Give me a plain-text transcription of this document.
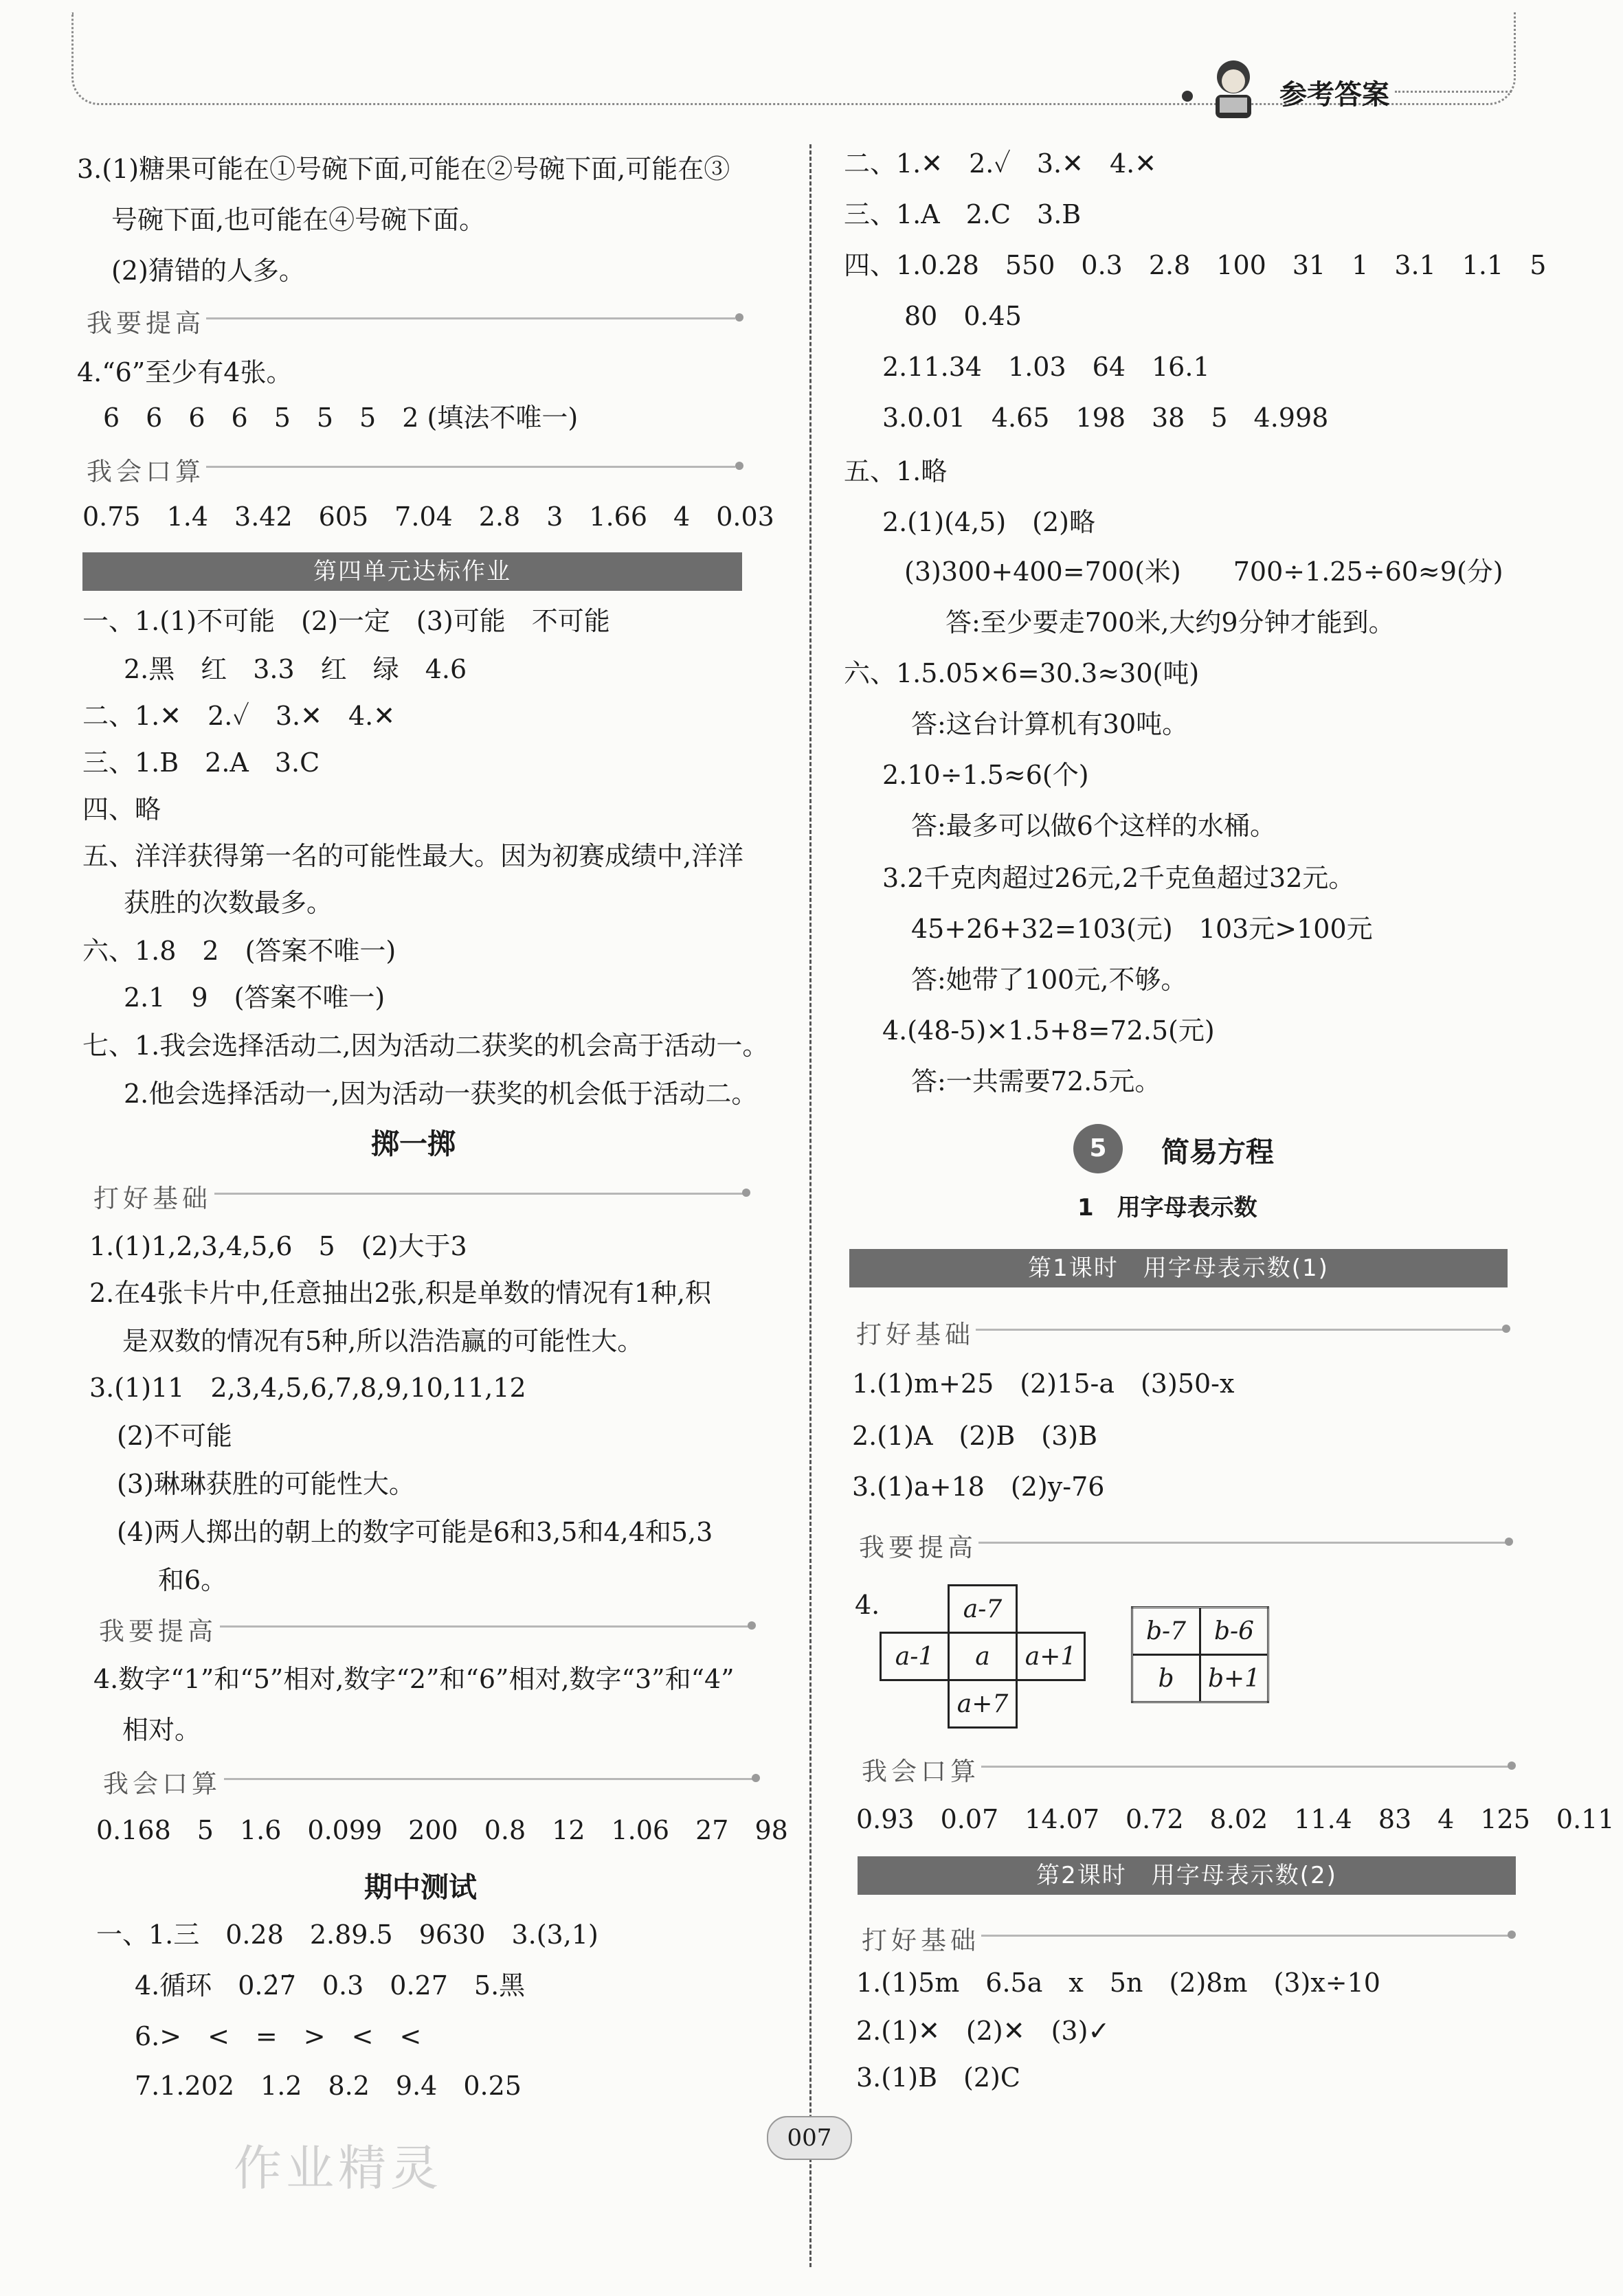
参考答案
3.(1)糖果可能在①号碗下面,可能在②号碗下面,可能在③
号碗下面,也可能在④号碗下面。
(2)猜错的人多。
我要提高
4.“6”至少有4张。
6　6　6　6　5　5　5　2 (填法不唯一)
我会口算
0.75　1.4　3.42　605　7.04　2.8　3　1.66　4　0.03
第四单元达标作业
一、1.(1)不可能　(2)一定　(3)可能　不可能
2.黑　红　3.3　红　绿　4.6
二、1.✕　2.✓　3.✕　4.✕
三、1.B　2.A　3.C
四、略
五、洋洋获得第一名的可能性最大。因为初赛成绩中,洋洋
获胜的次数最多。
六、1.8　2　(答案不唯一)
2.1　9　(答案不唯一)
七、1.我会选择活动二,因为活动二获奖的机会高于活动一。
2.他会选择活动一,因为活动一获奖的机会低于活动二。
掷一掷
打好基础
1.(1)1,2,3,4,5,6　5　(2)大于3
2.在4张卡片中,任意抽出2张,积是单数的情况有1种,积
是双数的情况有5种,所以浩浩赢的可能性大。
3.(1)11　2,3,4,5,6,7,8,9,10,11,12
(2)不可能
(3)琳琳获胜的可能性大。
(4)两人掷出的朝上的数字可能是6和3,5和4,4和5,3
和6。
我要提高
4.数字“1”和“5”相对,数字“2”和“6”相对,数字“3”和“4”
相对。
我会口算
0.168　5　1.6　0.099　200　0.8　12　1.06　27　98
期中测试
一、1.三　0.28　2.89.5　9630　3.(3,1)
4.循环　0.2̇7̇　0.3　0.27　5.黑
6.>　<　=　>　<　<
7.1.202　1.2　8.2　9.4　0.25
作业精灵
二、1.✕　2.✓　3.✕　4.✕
三、1.A　2.C　3.B
四、1.0.28　550　0.3　2.8　100　31　1　3.1　1.1　5
80　0.45
2.11.34　1.03　64　16.1
3.0.01　4.65　198　38　5　4.998
五、1.略
2.(1)(4,5)　(2)略
(3)300+400=700(米)　　700÷1.25÷60≈9(分)
答:至少要走700米,大约9分钟才能到。
六、1.5.05×6=30.3≈30(吨)
答:这台计算机有30吨。
2.10÷1.5≈6(个)
答:最多可以做6个这样的水桶。
3.2千克肉超过26元,2千克鱼超过32元。
45+26+32=103(元)　103元>100元
答:她带了100元,不够。
4.(48-5)×1.5+8=72.5(元)
答:一共需要72.5元。
5	简易方程
1　用字母表示数
第1课时　用字母表示数(1)
打好基础
1.(1)m+25　(2)15-a　(3)50-x
2.(1)A　(2)B　(3)B
3.(1)a+18　(2)y-76
我要提高
4.
		a-7	
a-1	a	a+1
	a+7	
b-7	b-6
b	b+1
我会口算
0.93　0.07　14.07　0.72　8.02　11.4　83　4　125　0.11
第2课时　用字母表示数(2)
打好基础
1.(1)5m　6.5a　x　5n　(2)8m　(3)x÷10
2.(1)✕　(2)✕　(3)✓
3.(1)B　(2)C
007
